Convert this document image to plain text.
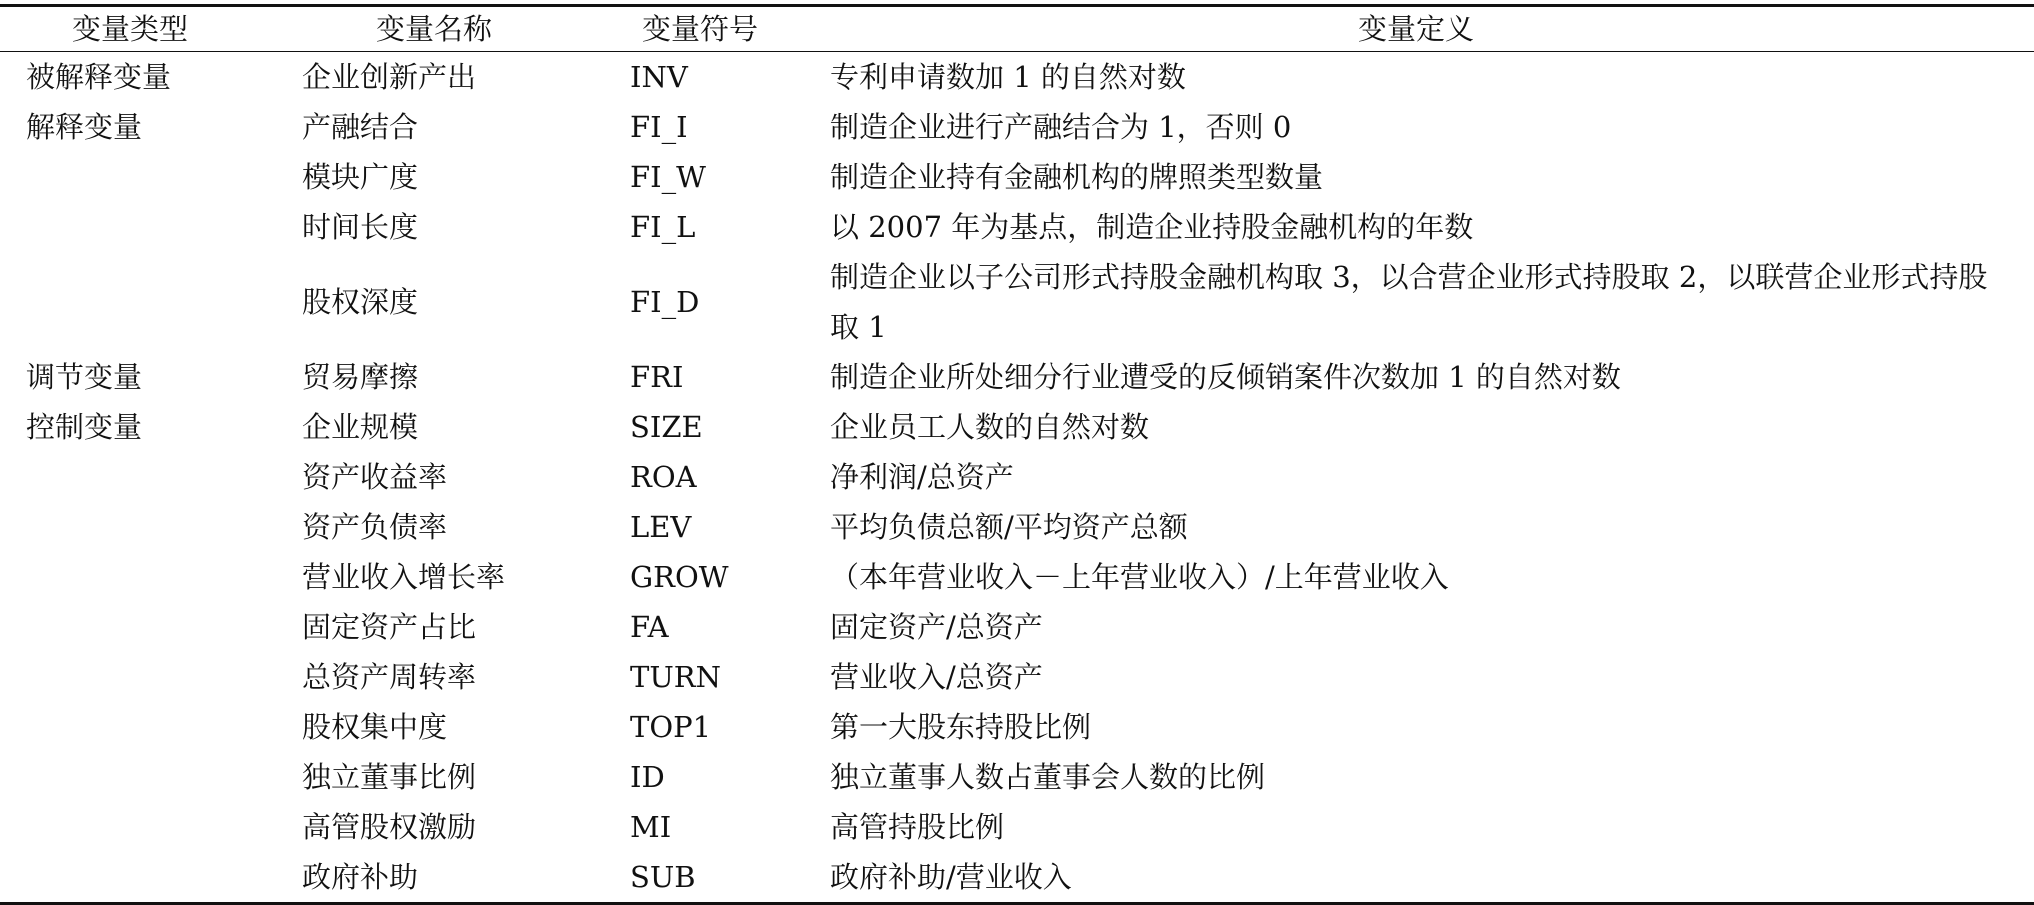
变量类型	变量名称	变量符号	变量定义
被解释变量	企业创新产出	INV	专利申请数加 1 的自然对数
解释变量	产融结合	FI_I	制造企业进行产融结合为 1，否则 0
	模块广度	FI_W	制造企业持有金融机构的牌照类型数量
	时间长度	FI_L	以 2007 年为基点，制造企业持股金融机构的年数
	股权深度	FI_D	制造企业以子公司形式持股金融机构取 3，以合营企业形式持股取 2，以联营企业形式持股取 1
调节变量	贸易摩擦	FRI	制造企业所处细分行业遭受的反倾销案件次数加 1 的自然对数
控制变量	企业规模	SIZE	企业员工人数的自然对数
	资产收益率	ROA	净利润/总资产
	资产负债率	LEV	平均负债总额/平均资产总额
	营业收入增长率	GROW	（本年营业收入－上年营业收入）/上年营业收入
	固定资产占比	FA	固定资产/总资产
	总资产周转率	TURN	营业收入/总资产
	股权集中度	TOP1	第一大股东持股比例
	独立董事比例	ID	独立董事人数占董事会人数的比例
	高管股权激励	MI	高管持股比例
	政府补助	SUB	政府补助/营业收入
